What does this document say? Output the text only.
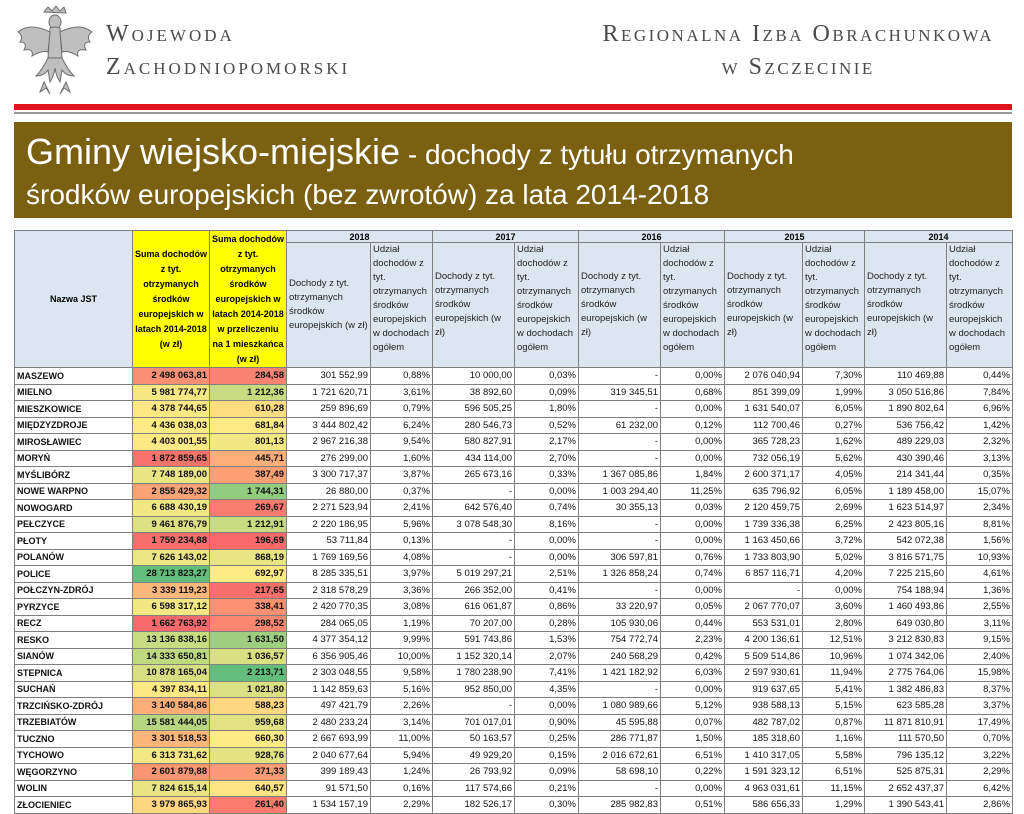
Wojewoda
Zachodniopomorski
Regionalna Izba Obrachunkowa
w Szczecinie
Gminy wiejsko-miejskie - dochody z tytułu otrzymanych
środków europejskich (bez zwrotów) za lata 2014-2018
Nazwa JST	Suma dochodów z tyt. otrzymanych środków europejskich w latach 2014-2018 (w zł)	Suma dochodów z tyt. otrzymanych środków europejskich w latach 2014-2018 w przeliczeniu na 1 mieszkańca (w zł)	2018		2017		2016		2015		2014	
			Dochody z tyt. otrzymanych środków europejskich (w zł)	Udział dochodów z tyt. otrzymanych środków europejskich w dochodach ogółem	Dochody z tyt. otrzymanych środków europejskich (w zł)	Udział dochodów z tyt. otrzymanych środków europejskich w dochodach ogółem	Dochody z tyt. otrzymanych środków europejskich (w zł)	Udział dochodów z tyt. otrzymanych środków europejskich w dochodach ogółem	Dochody z tyt. otrzymanych środków europejskich (w zł)	Udział dochodów z tyt. otrzymanych środków europejskich w dochodach ogółem	Dochody z tyt. otrzymanych środków europejskich (w zł)	Udział dochodów z tyt. otrzymanych środków europejskich w dochodach ogółem
MASZEWO	2 498 063,81	284,58	301 552,99	0,88%	10 000,00	0,03%	-	0,00%	2 076 040,94	7,30%	110 469,88	0,44%
MIELNO	5 981 774,77	1 212,36	1 721 620,71	3,61%	38 892,60	0,09%	319 345,51	0,68%	851 399,09	1,99%	3 050 516,86	7,84%
MIESZKOWICE	4 378 744,65	610,28	259 896,69	0,79%	596 505,25	1,80%	-	0,00%	1 631 540,07	6,05%	1 890 802,64	6,96%
MIĘDZYZDROJE	4 436 038,03	681,84	3 444 802,42	6,24%	280 546,73	0,52%	61 232,00	0,12%	112 700,46	0,27%	536 756,42	1,42%
MIROSŁAWIEC	4 403 001,55	801,13	2 967 216,38	9,54%	580 827,91	2,17%	-	0,00%	365 728,23	1,62%	489 229,03	2,32%
MORYŃ	1 872 859,65	445,71	276 299,00	1,60%	434 114,00	2,70%	-	0,00%	732 056,19	5,62%	430 390,46	3,13%
MYŚLIBÓRZ	7 748 189,00	387,49	3 300 717,37	3,87%	265 673,16	0,33%	1 367 085,86	1,84%	2 600 371,17	4,05%	214 341,44	0,35%
NOWE WARPNO	2 855 429,32	1 744,31	26 880,00	0,37%	-	0,00%	1 003 294,40	11,25%	635 796,92	6,05%	1 189 458,00	15,07%
NOWOGARD	6 688 430,19	269,67	2 271 523,94	2,41%	642 576,40	0,74%	30 355,13	0,03%	2 120 459,75	2,69%	1 623 514,97	2,34%
PEŁCZYCE	9 461 876,79	1 212,91	2 220 186,95	5,96%	3 078 548,30	8,16%	-	0,00%	1 739 336,38	6,25%	2 423 805,16	8,81%
PŁOTY	1 759 234,88	196,69	53 711,84	0,13%	-	0,00%	-	0,00%	1 163 450,66	3,72%	542 072,38	1,56%
POLANÓW	7 626 143,02	868,19	1 769 169,56	4,08%	-	0,00%	306 597,81	0,76%	1 733 803,90	5,02%	3 816 571,75	10,93%
POLICE	28 713 823,27	692,97	8 285 335,51	3,97%	5 019 297,21	2,51%	1 326 858,24	0,74%	6 857 116,71	4,20%	7 225 215,60	4,61%
POŁCZYN-ZDRÓJ	3 339 119,23	217,65	2 318 578,29	3,36%	266 352,00	0,41%	-	0,00%	-	0,00%	754 188,94	1,36%
PYRZYCE	6 598 317,12	338,41	2 420 770,35	3,08%	616 061,87	0,86%	33 220,97	0,05%	2 067 770,07	3,60%	1 460 493,86	2,55%
RECZ	1 662 763,92	298,52	284 065,05	1,19%	70 207,00	0,28%	105 930,06	0,44%	553 531,01	2,80%	649 030,80	3,11%
RESKO	13 136 838,16	1 631,50	4 377 354,12	9,99%	591 743,86	1,53%	754 772,74	2,23%	4 200 136,61	12,51%	3 212 830,83	9,15%
SIANÓW	14 333 650,81	1 036,57	6 356 905,46	10,00%	1 152 320,14	2,07%	240 568,29	0,42%	5 509 514,86	10,96%	1 074 342,06	2,40%
STEPNICA	10 878 165,04	2 213,71	2 303 048,55	9,58%	1 780 238,90	7,41%	1 421 182,92	6,03%	2 597 930,61	11,94%	2 775 764,06	15,98%
SUCHAŃ	4 397 834,11	1 021,80	1 142 859,63	5,16%	952 850,00	4,35%	-	0,00%	919 637,65	5,41%	1 382 486,83	8,37%
TRZCIŃSKO-ZDRÓJ	3 140 584,86	588,23	497 421,79	2,26%	-	0,00%	1 080 989,66	5,12%	938 588,13	5,15%	623 585,28	3,37%
TRZEBIATÓW	15 581 444,05	959,68	2 480 233,24	3,14%	701 017,01	0,90%	45 595,88	0,07%	482 787,02	0,87%	11 871 810,91	17,49%
TUCZNO	3 301 518,53	660,30	2 667 693,99	11,00%	50 163,57	0,25%	286 771,87	1,50%	185 318,60	1,16%	111 570,50	0,70%
TYCHOWO	6 313 731,62	928,76	2 040 677,64	5,94%	49 929,20	0,15%	2 016 672,61	6,51%	1 410 317,05	5,58%	796 135,12	3,22%
WĘGORZYNO	2 601 879,88	371,33	399 189,43	1,24%	26 793,92	0,09%	58 698,10	0,22%	1 591 323,12	6,51%	525 875,31	2,29%
WOLIN	7 824 615,14	640,57	91 571,50	0,16%	117 574,66	0,21%	-	0,00%	4 963 031,61	11,15%	2 652 437,37	6,42%
ZŁOCIENIEC	3 979 865,93	261,40	1 534 157,19	2,29%	182 526,17	0,30%	285 982,83	0,51%	586 656,33	1,29%	1 390 543,41	2,86%
